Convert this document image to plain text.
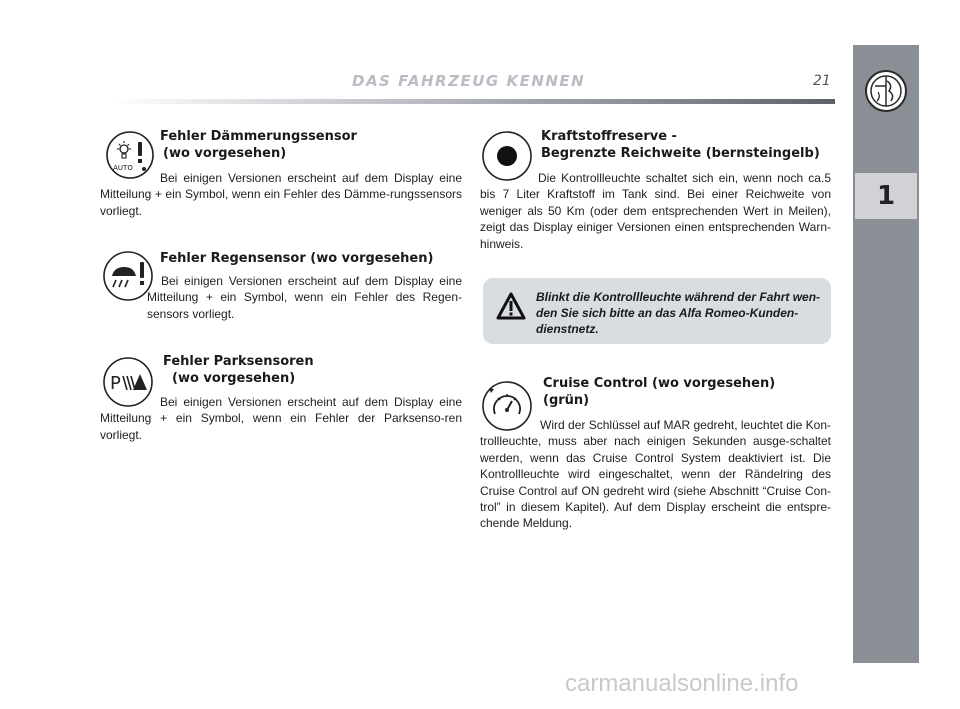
DAS FAHRZEUG KENNEN	21
1
AUTO
Fehler Dämmerungssensor
(wo vorgesehen)
Bei einigen Versionen erscheint auf dem Display eine Mitteilung + ein Symbol, wenn ein Fehler des Dämme-rungssensors vorliegt.
Fehler Regensensor (wo vorgesehen)
Bei einigen Versionen erscheint auf dem Display eine Mitteilung + ein Symbol, wenn ein Fehler des Regen-sensors vorliegt.
P
Fehler Parksensoren
(wo vorgesehen)
Bei einigen Versionen erscheint auf dem Display eine Mitteilung + ein Symbol, wenn ein Fehler der Parksenso-ren vorliegt.
Kraftstoffreserve -
Begrenzte Reichweite (bernsteingelb)
Die Kontrollleuchte schaltet sich ein, wenn noch ca.5 bis 7 Liter Kraftstoff im Tank sind. Bei einer Reichweite von weniger als 50 Km (oder dem entsprechenden Wert in Meilen), zeigt das Display einiger Versionen einen entsprechenden Warn-hinweis.
Blinkt die Kontrollleuchte während der Fahrt wen-den Sie sich bitte an das Alfa Romeo-Kunden-dienstnetz.
Cruise Control (wo vorgesehen)
(grün)
Wird der Schlüssel auf MAR gedreht, leuchtet die Kon-trollleuchte, muss aber nach einigen Sekunden ausge-schaltet werden, wenn das Cruise Control System deaktiviert ist. Die Kontrollleuchte wird eingeschaltet, wenn der Rändelring des Cruise Control auf ON gedreht wird (siehe Abschnitt “Cruise Con-trol” in diesem Kapitel). Auf dem Display erscheint die entspre-chende Meldung.
carmanualsonline.info
